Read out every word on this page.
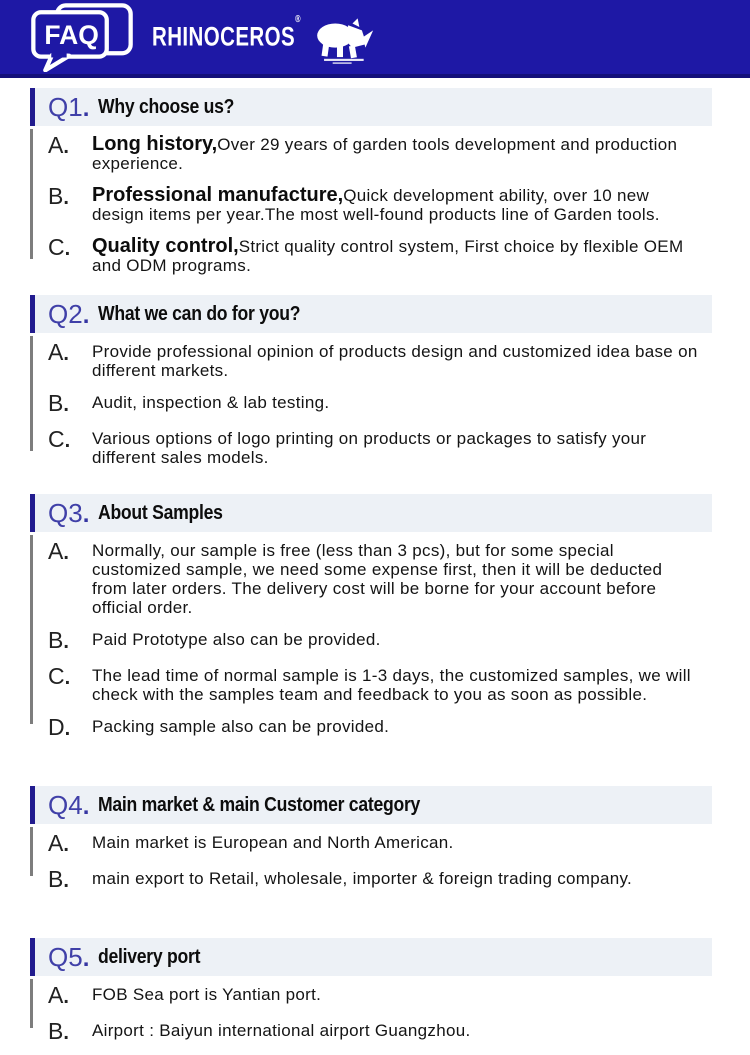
FAQ RHINOCEROS®
Q1. Why choose us?
A.	Long history,Over 29 years of garden tools development and production experience.
B.	Professional manufacture,Quick development ability, over 10 new design items per year.The most well-found products line of Garden tools.
C.	Quality control,Strict quality control system, First choice by flexible OEM and ODM programs.
Q2. What we can do for you?
A.	Provide professional opinion of products design and customized idea base on different markets.
B.	Audit, inspection & lab testing.
C.	Various options of logo printing on products or packages to satisfy your different sales models.
Q3. About Samples
A.	Normally, our sample is free (less than 3 pcs), but for some special customized sample, we need some expense first, then it will be deducted from later orders. The delivery cost will be borne for your account before official order.
B.	Paid Prototype also can be provided.
C.	The lead time of normal sample is 1-3 days, the customized samples, we will check with the samples team and feedback to you as soon as possible.
D.	Packing sample also can be provided.
Q4. Main market & main Customer category
A.	Main market is European and North American.
B.	main export to Retail, wholesale, importer & foreign trading company.
Q5. delivery port
A.	FOB Sea port is Yantian port.
B.	Airport : Baiyun international airport Guangzhou.
